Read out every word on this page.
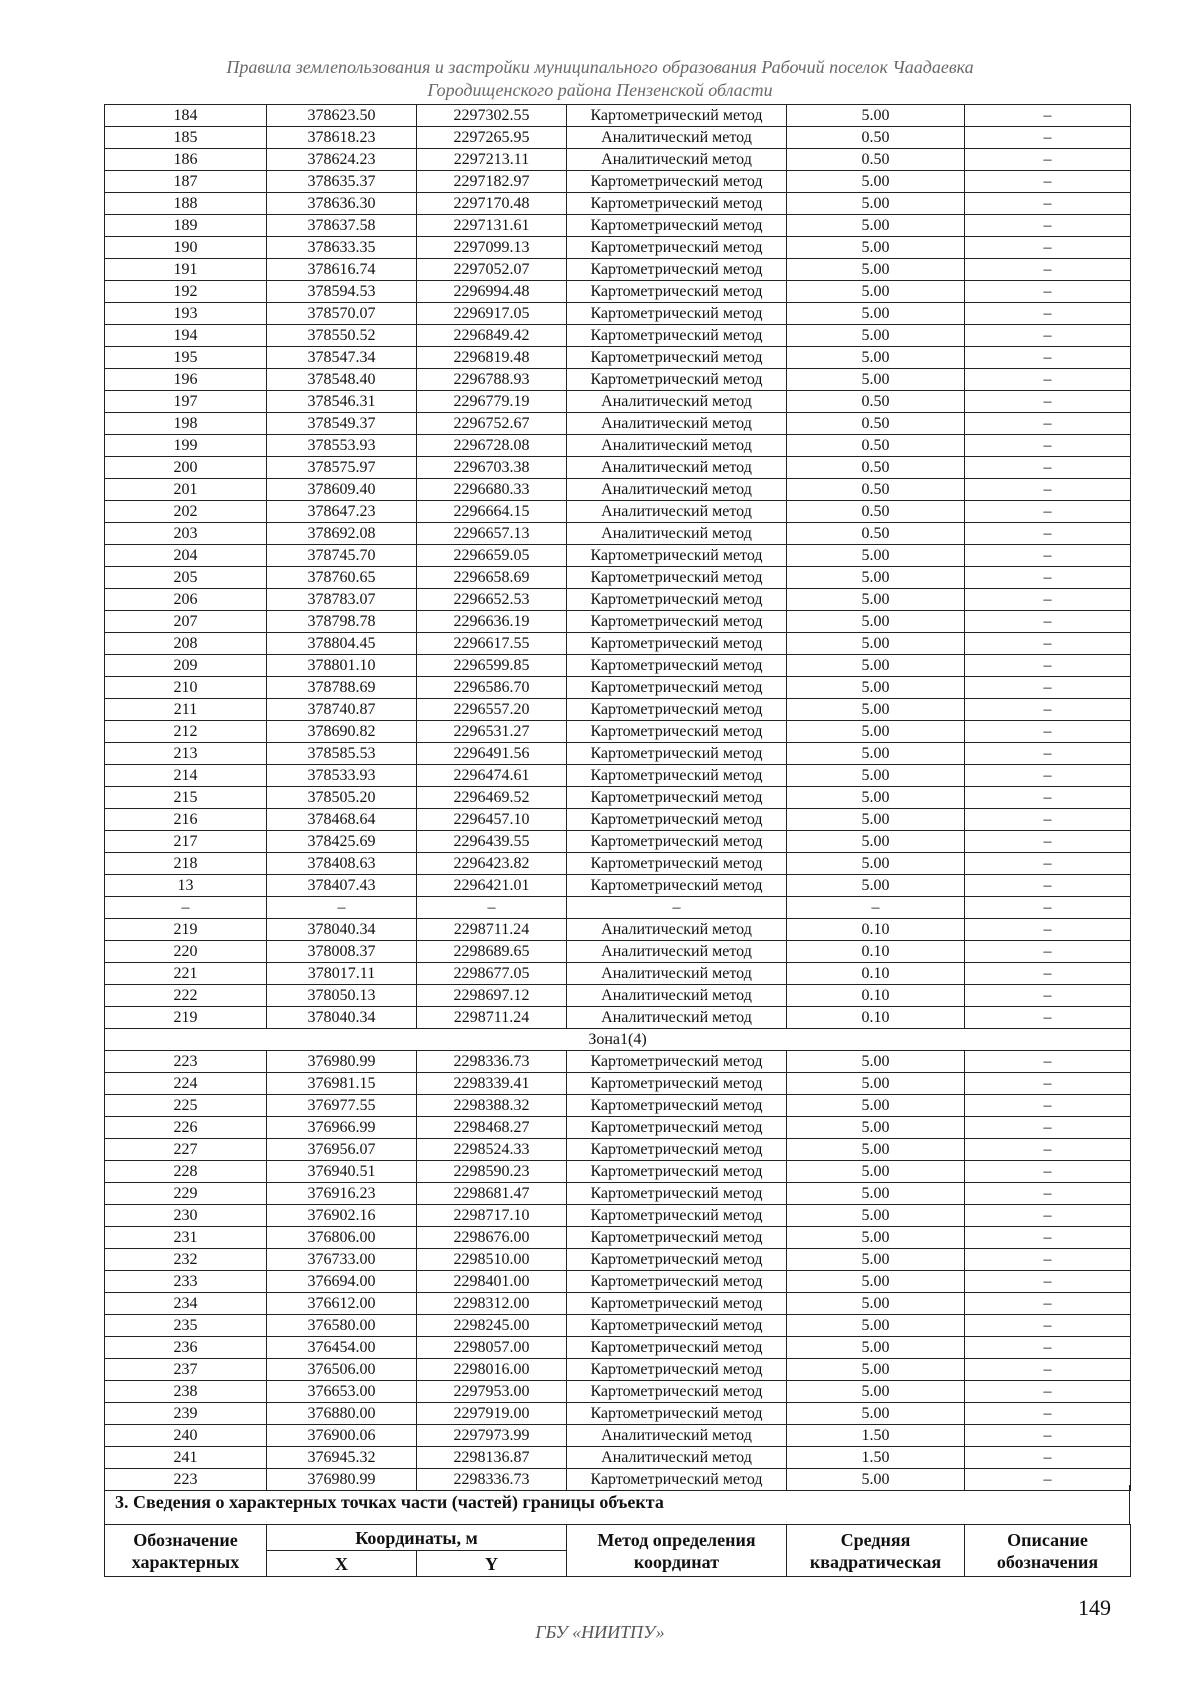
Правила землепользования и застройки муниципального образования Рабочий поселок Чаадаевка
Городищенского района Пензенской области
184	378623.50	2297302.55	Картометрический метод	5.00	–
185	378618.23	2297265.95	Аналитический метод	0.50	–
186	378624.23	2297213.11	Аналитический метод	0.50	–
187	378635.37	2297182.97	Картометрический метод	5.00	–
188	378636.30	2297170.48	Картометрический метод	5.00	–
189	378637.58	2297131.61	Картометрический метод	5.00	–
190	378633.35	2297099.13	Картометрический метод	5.00	–
191	378616.74	2297052.07	Картометрический метод	5.00	–
192	378594.53	2296994.48	Картометрический метод	5.00	–
193	378570.07	2296917.05	Картометрический метод	5.00	–
194	378550.52	2296849.42	Картометрический метод	5.00	–
195	378547.34	2296819.48	Картометрический метод	5.00	–
196	378548.40	2296788.93	Картометрический метод	5.00	–
197	378546.31	2296779.19	Аналитический метод	0.50	–
198	378549.37	2296752.67	Аналитический метод	0.50	–
199	378553.93	2296728.08	Аналитический метод	0.50	–
200	378575.97	2296703.38	Аналитический метод	0.50	–
201	378609.40	2296680.33	Аналитический метод	0.50	–
202	378647.23	2296664.15	Аналитический метод	0.50	–
203	378692.08	2296657.13	Аналитический метод	0.50	–
204	378745.70	2296659.05	Картометрический метод	5.00	–
205	378760.65	2296658.69	Картометрический метод	5.00	–
206	378783.07	2296652.53	Картометрический метод	5.00	–
207	378798.78	2296636.19	Картометрический метод	5.00	–
208	378804.45	2296617.55	Картометрический метод	5.00	–
209	378801.10	2296599.85	Картометрический метод	5.00	–
210	378788.69	2296586.70	Картометрический метод	5.00	–
211	378740.87	2296557.20	Картометрический метод	5.00	–
212	378690.82	2296531.27	Картометрический метод	5.00	–
213	378585.53	2296491.56	Картометрический метод	5.00	–
214	378533.93	2296474.61	Картометрический метод	5.00	–
215	378505.20	2296469.52	Картометрический метод	5.00	–
216	378468.64	2296457.10	Картометрический метод	5.00	–
217	378425.69	2296439.55	Картометрический метод	5.00	–
218	378408.63	2296423.82	Картометрический метод	5.00	–
13	378407.43	2296421.01	Картометрический метод	5.00	–
–	–	–	–	–	–
219	378040.34	2298711.24	Аналитический метод	0.10	–
220	378008.37	2298689.65	Аналитический метод	0.10	–
221	378017.11	2298677.05	Аналитический метод	0.10	–
222	378050.13	2298697.12	Аналитический метод	0.10	–
219	378040.34	2298711.24	Аналитический метод	0.10	–
Зона1(4)					
223	376980.99	2298336.73	Картометрический метод	5.00	–
224	376981.15	2298339.41	Картометрический метод	5.00	–
225	376977.55	2298388.32	Картометрический метод	5.00	–
226	376966.99	2298468.27	Картометрический метод	5.00	–
227	376956.07	2298524.33	Картометрический метод	5.00	–
228	376940.51	2298590.23	Картометрический метод	5.00	–
229	376916.23	2298681.47	Картометрический метод	5.00	–
230	376902.16	2298717.10	Картометрический метод	5.00	–
231	376806.00	2298676.00	Картометрический метод	5.00	–
232	376733.00	2298510.00	Картометрический метод	5.00	–
233	376694.00	2298401.00	Картометрический метод	5.00	–
234	376612.00	2298312.00	Картометрический метод	5.00	–
235	376580.00	2298245.00	Картометрический метод	5.00	–
236	376454.00	2298057.00	Картометрический метод	5.00	–
237	376506.00	2298016.00	Картометрический метод	5.00	–
238	376653.00	2297953.00	Картометрический метод	5.00	–
239	376880.00	2297919.00	Картометрический метод	5.00	–
240	376900.06	2297973.99	Аналитический метод	1.50	–
241	376945.32	2298136.87	Аналитический метод	1.50	–
223	376980.99	2298336.73	Картометрический метод	5.00	–
3. Сведения о характерных точках части (частей) границы объекта
Обозначение характерных	Координаты, м		Метод определения координат	Средняя квадратическая	Описание обозначения
	X	Y			
149
ГБУ «НИИТПУ»
